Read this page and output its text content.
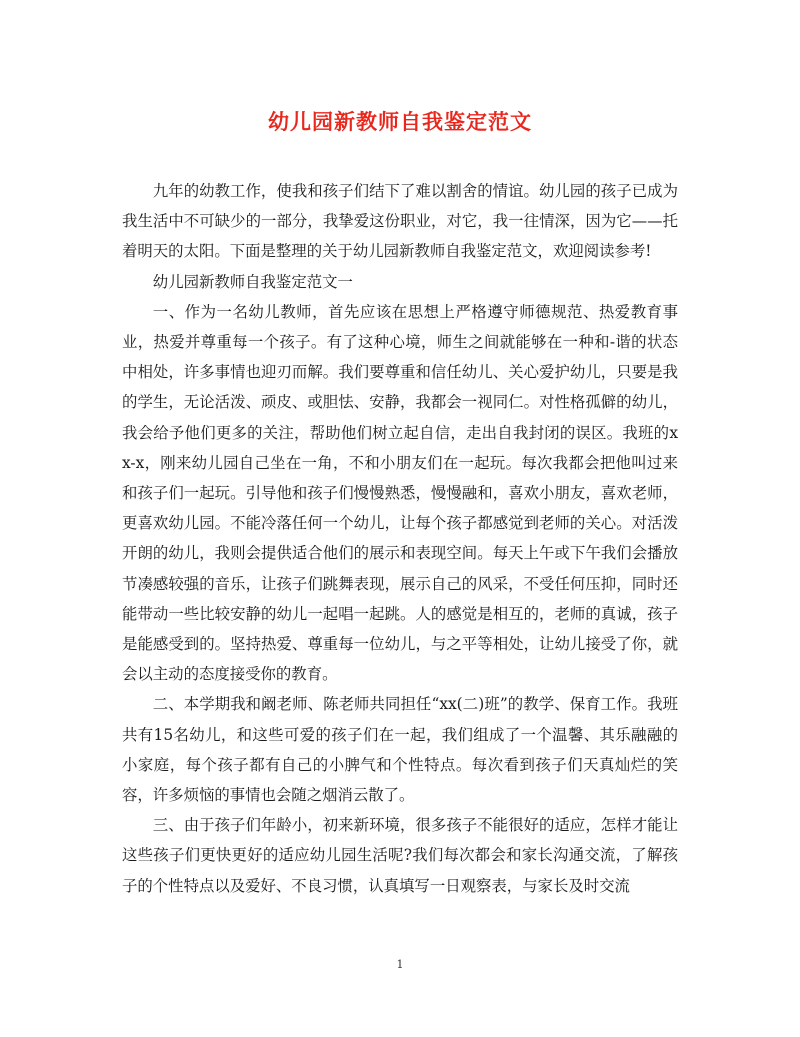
幼儿园新教师自我鉴定范文

九年的幼教工作，使我和孩子们结下了难以割舍的情谊。幼儿园的孩子已成为我生活中不可缺少的一部分，我挚爱这份职业，对它，我一往情深，因为它——托着明天的太阳。下面是整理的关于幼儿园新教师自我鉴定范文，欢迎阅读参考!

幼儿园新教师自我鉴定范文一

一、作为一名幼儿教师，首先应该在思想上严格遵守师德规范、热爱教育事业，热爱并尊重每一个孩子。有了这种心境，师生之间就能够在一种和-谐的状态中相处，许多事情也迎刃而解。我们要尊重和信任幼儿、关心爱护幼儿，只要是我的学生，无论活泼、顽皮、或胆怯、安静，我都会一视同仁。对性格孤僻的幼儿，我会给予他们更多的关注，帮助他们树立起自信，走出自我封闭的误区。我班的xx-x，刚来幼儿园自己坐在一角，不和小朋友们在一起玩。每次我都会把他叫过来和孩子们一起玩。引导他和孩子们慢慢熟悉，慢慢融和，喜欢小朋友，喜欢老师，更喜欢幼儿园。不能冷落任何一个幼儿，让每个孩子都感觉到老师的关心。对活泼开朗的幼儿，我则会提供适合他们的展示和表现空间。每天上午或下午我们会播放节凑感较强的音乐，让孩子们跳舞表现，展示自己的风采，不受任何压抑，同时还能带动一些比较安静的幼儿一起唱一起跳。人的感觉是相互的，老师的真诚，孩子是能感受到的。坚持热爱、尊重每一位幼儿，与之平等相处，让幼儿接受了你，就会以主动的态度接受你的教育。

二、本学期我和阚老师、陈老师共同担任“xx(二)班”的教学、保育工作。我班共有15名幼儿，和这些可爱的孩子们在一起，我们组成了一个温馨、其乐融融的小家庭，每个孩子都有自己的小脾气和个性特点。每次看到孩子们天真灿烂的笑容，许多烦恼的事情也会随之烟消云散了。

三、由于孩子们年龄小，初来新环境，很多孩子不能很好的适应，怎样才能让这些孩子们更快更好的适应幼儿园生活呢?我们每次都会和家长沟通交流，了解孩子的个性特点以及爱好、不良习惯，认真填写一日观察表，与家长及时交流

1
